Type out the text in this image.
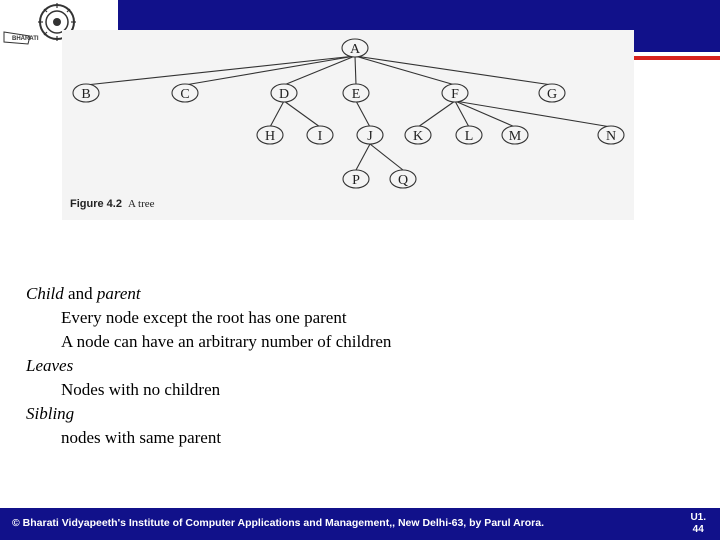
BHARATI
A
B	C	D	E	F	G
H	I	J	K	L	M	N
P	Q
Figure 4.2 A tree
Child and parent
Every node except the root has one parent
A node can have an arbitrary number of children
Leaves
Nodes with no children
Sibling
nodes with same parent
© Bharati Vidyapeeth's Institute of Computer Applications and Management,, New Delhi-63, by Parul Arora.	U1.
44
